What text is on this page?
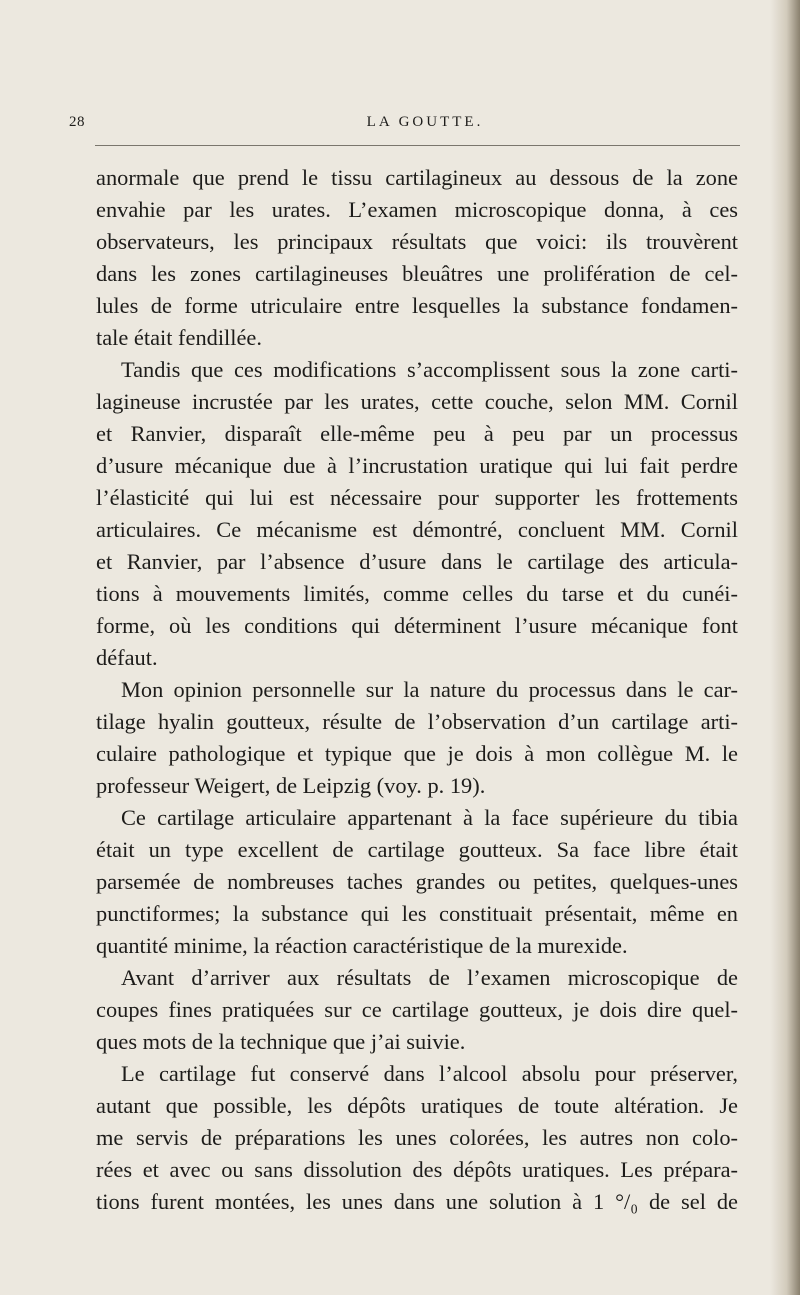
28	LA GOUTTE.
anormale que prend le tissu cartilagineux au dessous de la zone
envahie par les urates. L’examen microscopique donna, à ces
observateurs, les principaux résultats que voici: ils trouvèrent
dans les zones cartilagineuses bleuâtres une prolifération de cel-
lules de forme utriculaire entre lesquelles la substance fondamen-
tale était fendillée.
Tandis que ces modifications s’accomplissent sous la zone carti-
lagineuse incrustée par les urates, cette couche, selon MM. Cornil
et Ranvier, disparaît elle-même peu à peu par un processus
d’usure mécanique due à l’incrustation uratique qui lui fait perdre
l’élasticité qui lui est nécessaire pour supporter les frottements
articulaires. Ce mécanisme est démontré, concluent MM. Cornil
et Ranvier, par l’absence d’usure dans le cartilage des articula-
tions à mouvements limités, comme celles du tarse et du cunéi-
forme, où les conditions qui déterminent l’usure mécanique font
défaut.
Mon opinion personnelle sur la nature du processus dans le car-
tilage hyalin goutteux, résulte de l’observation d’un cartilage arti-
culaire pathologique et typique que je dois à mon collègue M. le
professeur Weigert, de Leipzig (voy. p. 19).
Ce cartilage articulaire appartenant à la face supérieure du tibia
était un type excellent de cartilage goutteux. Sa face libre était
parsemée de nombreuses taches grandes ou petites, quelques-unes
punctiformes; la substance qui les constituait présentait, même en
quantité minime, la réaction caractéristique de la murexide.
Avant d’arriver aux résultats de l’examen microscopique de
coupes fines pratiquées sur ce cartilage goutteux, je dois dire quel-
ques mots de la technique que j’ai suivie.
Le cartilage fut conservé dans l’alcool absolu pour préserver,
autant que possible, les dépôts uratiques de toute altération. Je
me servis de préparations les unes colorées, les autres non colo-
rées et avec ou sans dissolution des dépôts uratiques. Les prépara-
tions furent montées, les unes dans une solution à 1 °/₀ de sel de
